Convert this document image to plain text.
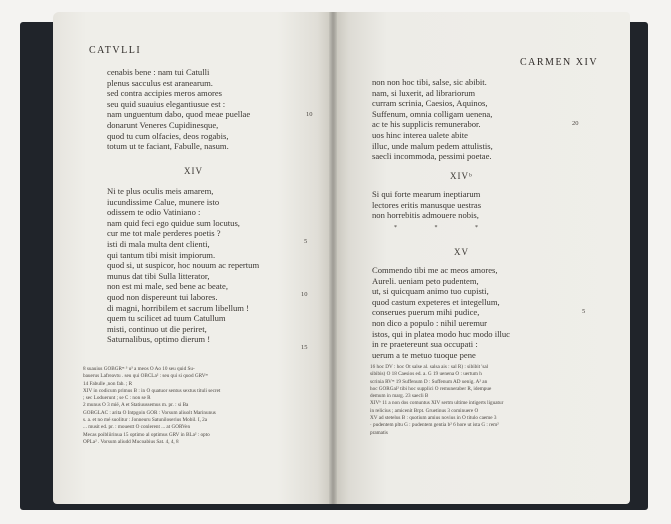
CATVLLI
cenabis bene : nam tui Catulli
plenus sacculus est aranearum.
sed contra accipies meros amores
seu quid suauius elegantiusue est :
nam unguentum dabo, quod meae puellae
donarunt Veneres Cupidinesque,
quod tu cum olfacies, deos rogabis,
totum ut te faciant, Fabulle, nasum.
10
XIV
Ni te plus oculis meis amarem,
iucundissime Calue, munere isto
odissem te odio Vatiniano :
nam quid feci ego quidue sum locutus,
cur me tot male perderes poetis ?
isti di mala multa dent clienti,
qui tantum tibi misit impiorum.
quod si, ut suspicor, hoc nouum ac repertum
munus dat tibi Sulla litterator,
non est mi male, sed bene ac beate,
quod non dispereunt tui labores.
di magni, horribilem et sacrum libellum !
quem tu scilicet ad tuum Catullum
misti, continuo ut die periret,
Saturnalibus, optimo dierum !
5
10
15
8 suauius GOBGRᵐ ³ u³ a meos O Ao 10 seu quid Su-
bauerus Lafreavtu . seu qui OBCLa² : seu qui si quod GRVᵐ
14 Fabulle ,non fab. ; R
XIV in codicum primus B : in O quatuor sentus sextus tituli secret
; sec Loduerunt ; se C : non se R
2 munus O 3 mië, A et Statiuussemus m. pr. : si Ba
GOBGLAC : arita O Intpgoin GOR : Vorsum aliuolt Marinunus
s. a. et no mé suolitur : Jonneuru Satuniloserius Mobil. I, 2a
... musit ed. pr. : mouestt O conlerent ... at GORVen
Mecas poibliirinua 15 optimo al optimus GRV in BLa² : opto
OPLa² . Vorsum aliudd Mucoabius Sat. 4, 4, 8
CARMEN XIV
non non hoc tibi, salse, sic abibit.
nam, si luxerit, ad librariorum
curram scrinia, Caesios, Aquinos,
Suffenum, omnia colligam uenena,
ac te his supplicis remunerabor.
uos hinc interea ualete abite
illuc, unde malum pedem attulistis,
saecli incommoda, pessimi poetae.
20
XIVᵇ
Si qui forte mearum ineptiarum
lectores eritis manusque uestras
non horrebitis admouere nobis,
* * *
XV
Commendo tibi me ac meos amores,
Aureli. ueniam peto pudentem,
ut, si quicquam animo tuo cupisti,
quod castum expeteres et integellum,
conserues puerum mihi pudice,
non dico a populo : nihil ueremur
istos, qui in platea modo huc modo illuc
in re praetereunt sua occupati :
uerum a te metuo tuoque pene
5
16 hoc DV : hoc Ot salse al. salsa ais : sal R) : sibibit 'sal
sibibis) O 18 Caesios ed. a. G 19 uenena O : uertum h
scrinia RVᵐ 19 Suffenum D : Suffenum AD uenig. A² an
hoc GORGal² tibi hoc supplici O remuneraber R, idempue
demum in marg. 23 saecli B
XIVᵇ 11 a non dos comuntus XIV sertm ultime intigerts liguatur
in relicius ; amicenit Brpt. Gruetinus 3 cominuere O
XV ad stetelus B : quotium amius novius in O titulo caeme 3
· pudentem pltu G : pudentem gentia b² 6 hore ut ista G : rem²
pramatis
